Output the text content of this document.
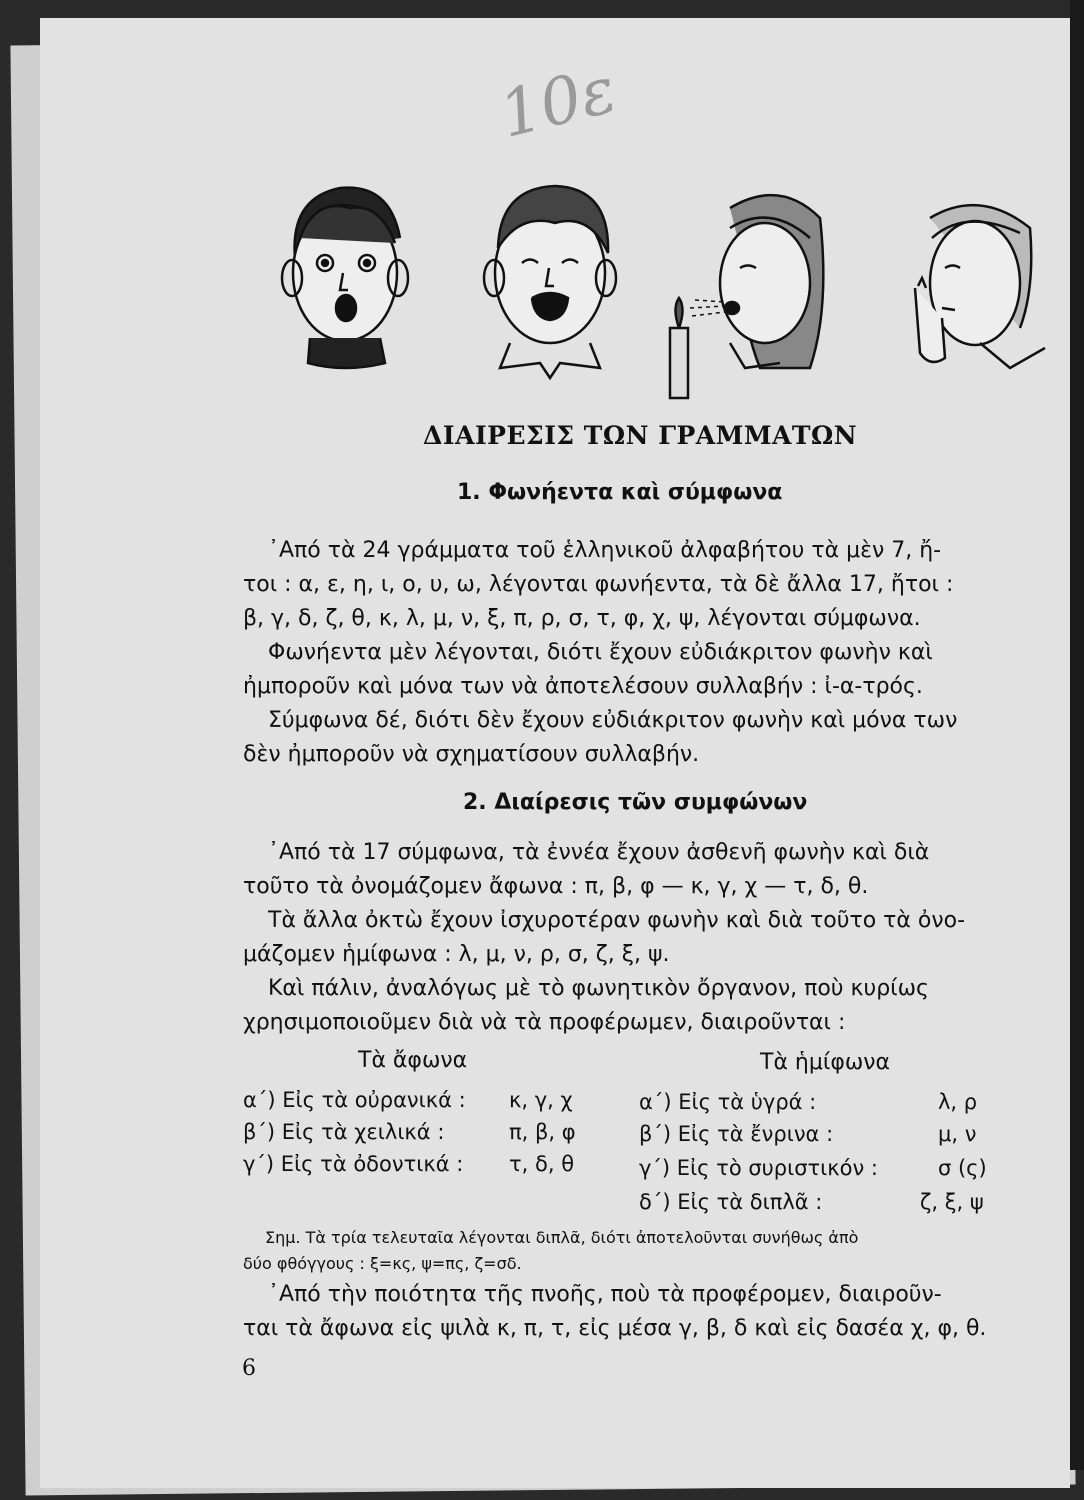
10ε
ΔΙΑΙΡΕΣΙΣ ΤΩΝ ΓΡΑΜΜΑΤΩΝ
1. Φωνήεντα καὶ σύμφωνα
᾽Από τὰ 24 γράμματα τοῦ ἑλληνικοῦ ἀλφαβήτου τὰ μὲν 7, ἤ-
τοι : α, ε, η, ι, ο, υ, ω, λέγονται φωνήεντα, τὰ δὲ ἄλλα 17, ἤτοι :
β, γ, δ, ζ, θ, κ, λ, μ, ν, ξ, π, ρ, σ, τ, φ, χ, ψ, λέγονται σύμφωνα.
Φωνήεντα μὲν λέγονται, διότι ἔχουν εὐδιάκριτον φωνὴν καὶ
ἠμποροῦν καὶ μόνα των νὰ ἀποτελέσουν συλλαβήν : ἰ-α-τρός.
Σύμφωνα δέ, διότι δὲν ἔχουν εὐδιάκριτον φωνὴν καὶ μόνα των
δὲν ἠμποροῦν νὰ σχηματίσουν συλλαβήν.
2. Διαίρεσις τῶν συμφώνων
᾽Από τὰ 17 σύμφωνα, τὰ ἐννέα ἔχουν ἀσθενῆ φωνὴν καὶ διὰ
τοῦτο τὰ ὀνομάζομεν ἄφωνα : π, β, φ — κ, γ, χ — τ, δ, θ.
Τὰ ἄλλα ὀκτὼ ἔχουν ἰσχυροτέραν φωνὴν καὶ διὰ τοῦτο τὰ ὀνο-
μάζομεν ἡμίφωνα : λ, μ, ν, ρ, σ, ζ, ξ, ψ.
Καὶ πάλιν, ἀναλόγως μὲ τὸ φωνητικὸν ὄργανον, ποὺ κυρίως
χρησιμοποιοῦμεν διὰ νὰ τὰ προφέρωμεν, διαιροῦνται :
Τὰ ἄφωνα	Τὰ ἡμίφωνα
α΄) Εἰς τὰ οὐρανικά : κ, γ, χ
β΄) Εἰς τὰ χειλικά :	π, β, φ
γ΄) Εἰς τὰ ὀδοντικά : τ, δ, θ
α΄) Εἰς τὰ ὑγρά :	λ, ρ
β΄) Εἰς τὰ ἔνρινα :	μ, ν
γ΄) Εἰς τὸ συριστικόν :	σ (ς)
δ΄) Εἰς τὰ διπλᾶ :	ζ, ξ, ψ
Σημ. Τὰ τρία τελευταῖα λέγονται διπλᾶ, διότι ἀποτελοῦνται συνήθως ἀπὸ
δύο φθόγγους : ξ=κς, ψ=πς, ζ=σδ.
᾽Από τὴν ποιότητα τῆς πνοῆς, ποὺ τὰ προφέρομεν, διαιροῦν-
ται τὰ ἄφωνα εἰς ψιλὰ κ, π, τ, εἰς μέσα γ, β, δ καὶ εἰς δασέα χ, φ, θ.
6
